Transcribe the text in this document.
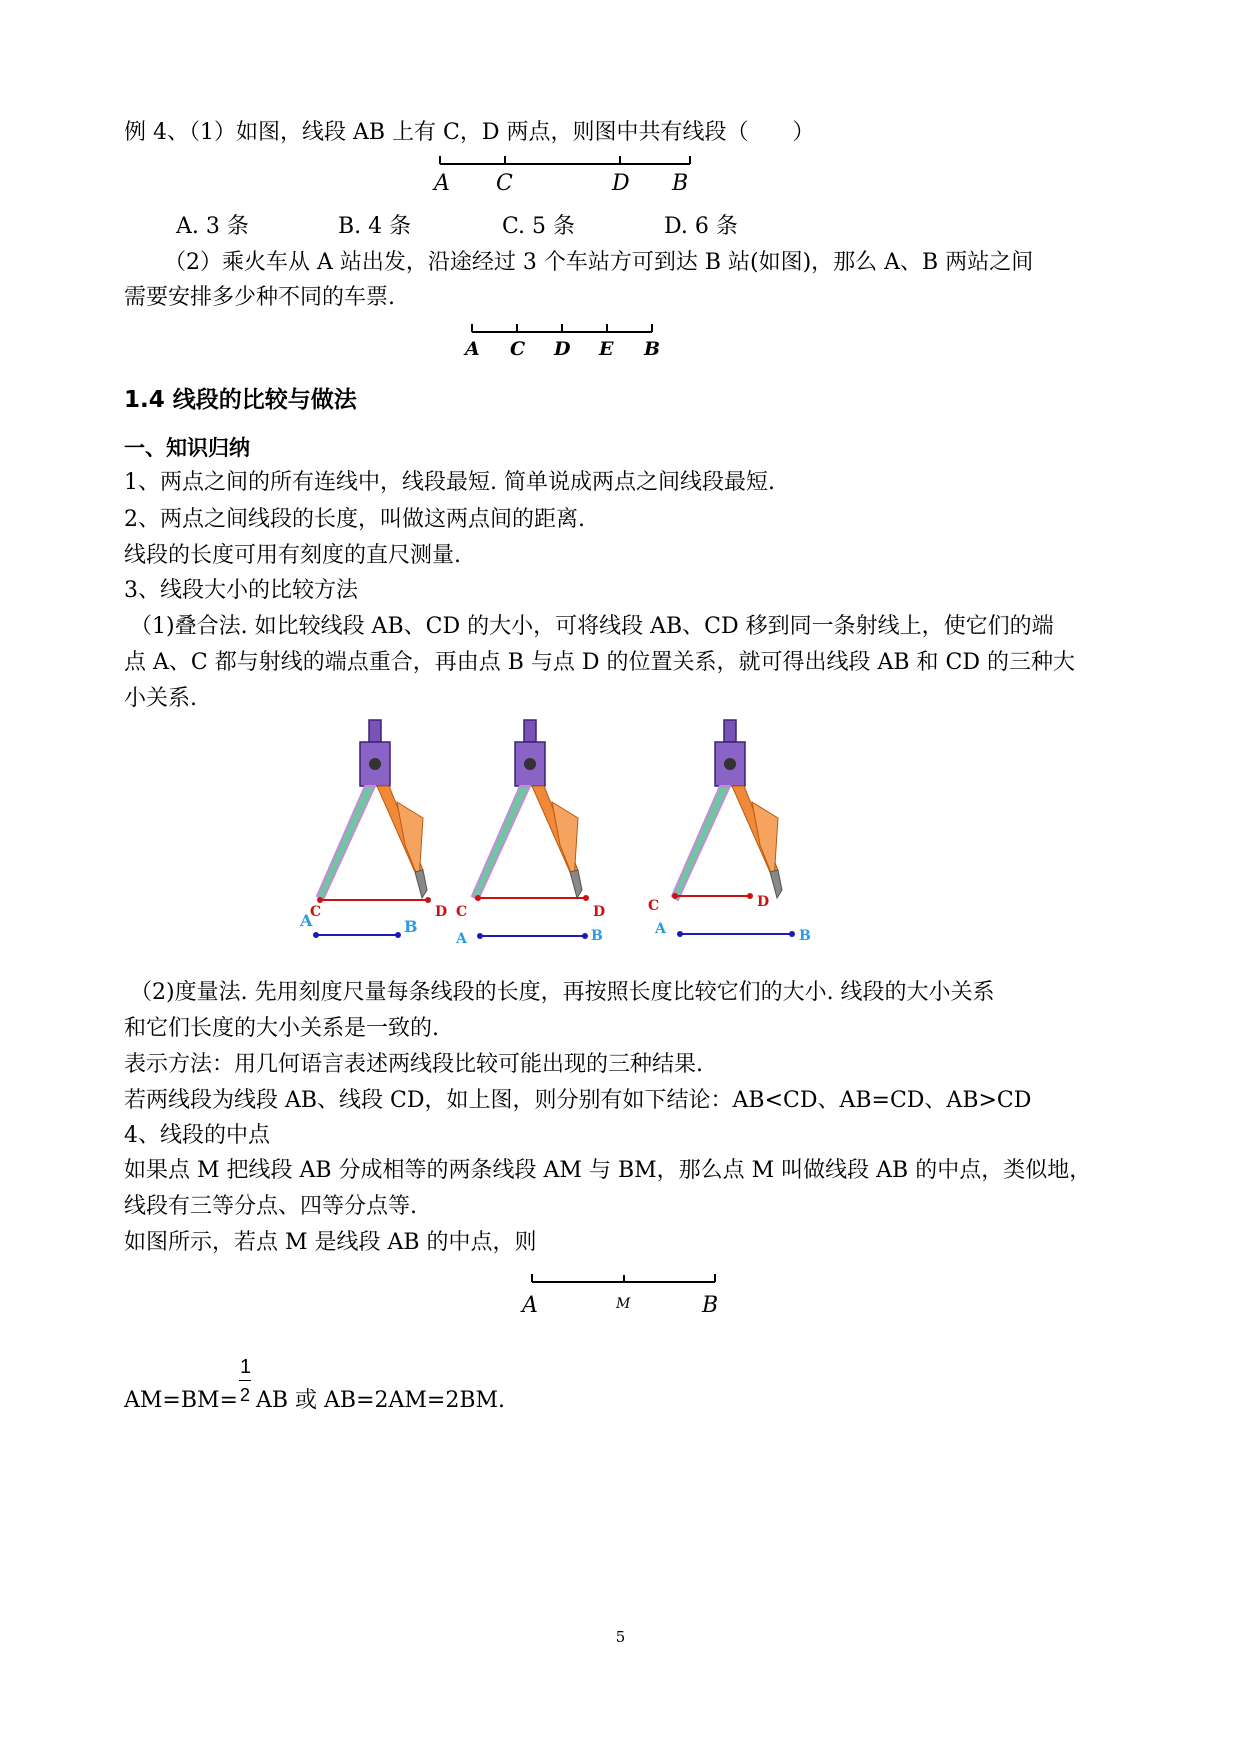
例 4、（1）如图，线段 AB 上有 C，D 两点，则图中共有线段（　　）
A C	D B
A. 3 条	B. 4 条	C. 5 条	D. 6 条
（2）乘火车从 A 站出发，沿途经过 3 个车站方可到达 B 站(如图)，那么 A、B 两站之间
需要安排多少种不同的车票.
A C D E B
1.4 线段的比较与做法
一、知识归纳
1、两点之间的所有连线中，线段最短. 简单说成两点之间线段最短.
2、两点之间线段的长度，叫做这两点间的距离.
线段的长度可用有刻度的直尺测量.
3、线段大小的比较方法
（1)叠合法. 如比较线段 AB、CD 的大小，可将线段 AB、CD 移到同一条射线上，使它们的端
点 A、C 都与射线的端点重合，再由点 B 与点 D 的位置关系，就可得出线段 AB 和 CD 的三种大
小关系.
C	D
A	B
C	D
A	B
C	D
A	B
（2)度量法. 先用刻度尺量每条线段的长度，再按照长度比较它们的大小. 线段的大小关系
和它们长度的大小关系是一致的.
表示方法：用几何语言表述两线段比较可能出现的三种结果.
若两线段为线段 AB、线段 CD，如上图，则分别有如下结论：AB<CD、AB=CD、AB>CD
4、线段的中点
如果点 M 把线段 AB 分成相等的两条线段 AM 与 BM，那么点 M 叫做线段 AB 的中点，类似地，
线段有三等分点、四等分点等.
如图所示，若点 M 是线段 AB 的中点，则
A	M	B
AM=BM=
1
2 AB 或 AB=2AM=2BM.
5
